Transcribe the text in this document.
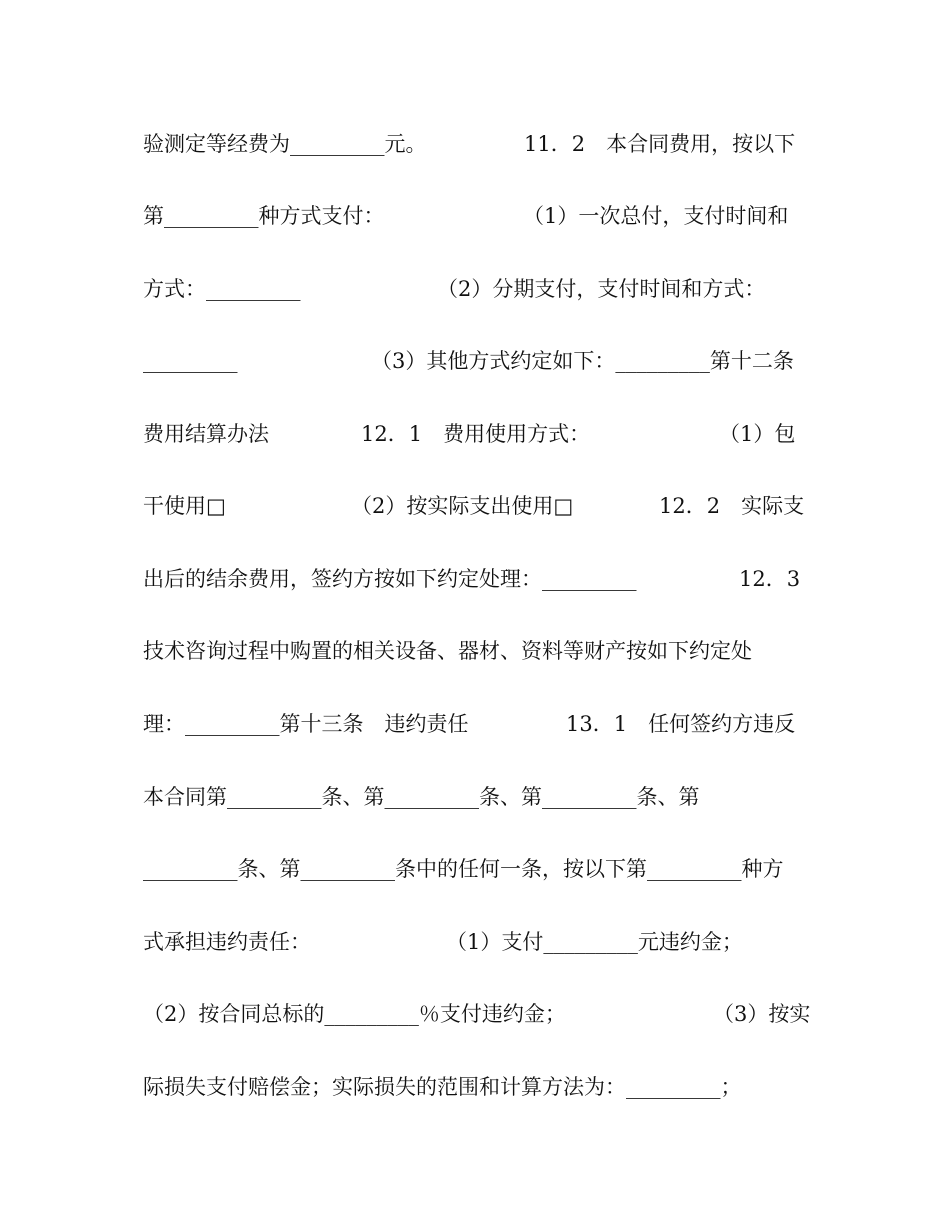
验测定等经费为_________元。

	11．2　本合同费用，按以下

第_________种方式支付：

	（1）一次总付，支付时间和

方式：_________

	（2）分期支付，支付时间和方式：

_________

	（3）其他方式约定如下：_________第十二条

费用结算办法

	12．1　费用使用方式：

	（1）包

干使用□

	（2）按实际支出使用□

	12．2　实际支

出后的结余费用，签约方按如下约定处理：_________

	12．3

技术咨询过程中购置的相关设备、器材、资料等财产按如下约定处

理：_________第十三条　违约责任

	13．1　任何签约方违反

本合同第_________条、第_________条、第_________条、第

_________条、第_________条中的任何一条，按以下第_________种方

式承担违约责任：

	（1）支付_________元违约金；

（2）按合同总标的_________％支付违约金；

	（3）按实

际损失支付赔偿金；实际损失的范围和计算方法为：_________；
